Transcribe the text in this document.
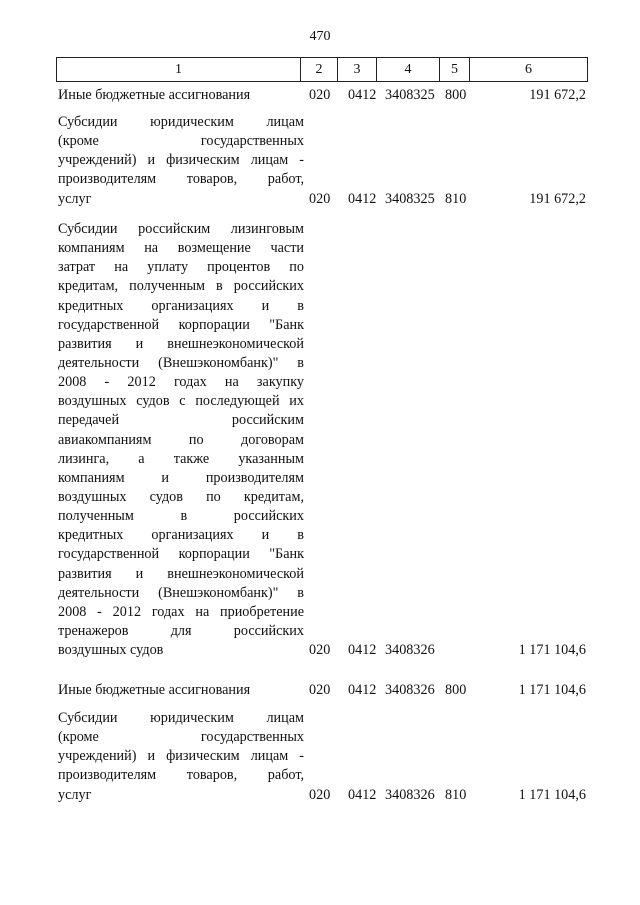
470
1	2	3	4	5	6
Иные бюджетные ассигнования	020 0412 3408325 800	191 672,2
Субсидии юридическим лицам
(кроме государственных
учреждений) и физическим лицам -
производителям товаров, работ,
услуг	020 0412 3408325 810	191 672,2
Субсидии российским лизинговым
компаниям на возмещение части
затрат на уплату процентов по
кредитам, полученным в российских
кредитных организациях и в
государственной корпорации "Банк
развития и внешнеэкономической
деятельности (Внешэкономбанк)" в
2008 - 2012 годах на закупку
воздушных судов с последующей их
передачей российским
авиакомпаниям по договорам
лизинга, а также указанным
компаниям и производителям
воздушных судов по кредитам,
полученным в российских
кредитных организациях и в
государственной корпорации "Банк
развития и внешнеэкономической
деятельности (Внешэкономбанк)" в
2008 - 2012 годах на приобретение
тренажеров для российских
воздушных судов	020 0412 3408326	1 171 104,6
Иные бюджетные ассигнования	020 0412 3408326 800	1 171 104,6
Субсидии юридическим лицам
(кроме государственных
учреждений) и физическим лицам -
производителям товаров, работ,
услуг	020 0412 3408326 810	1 171 104,6
